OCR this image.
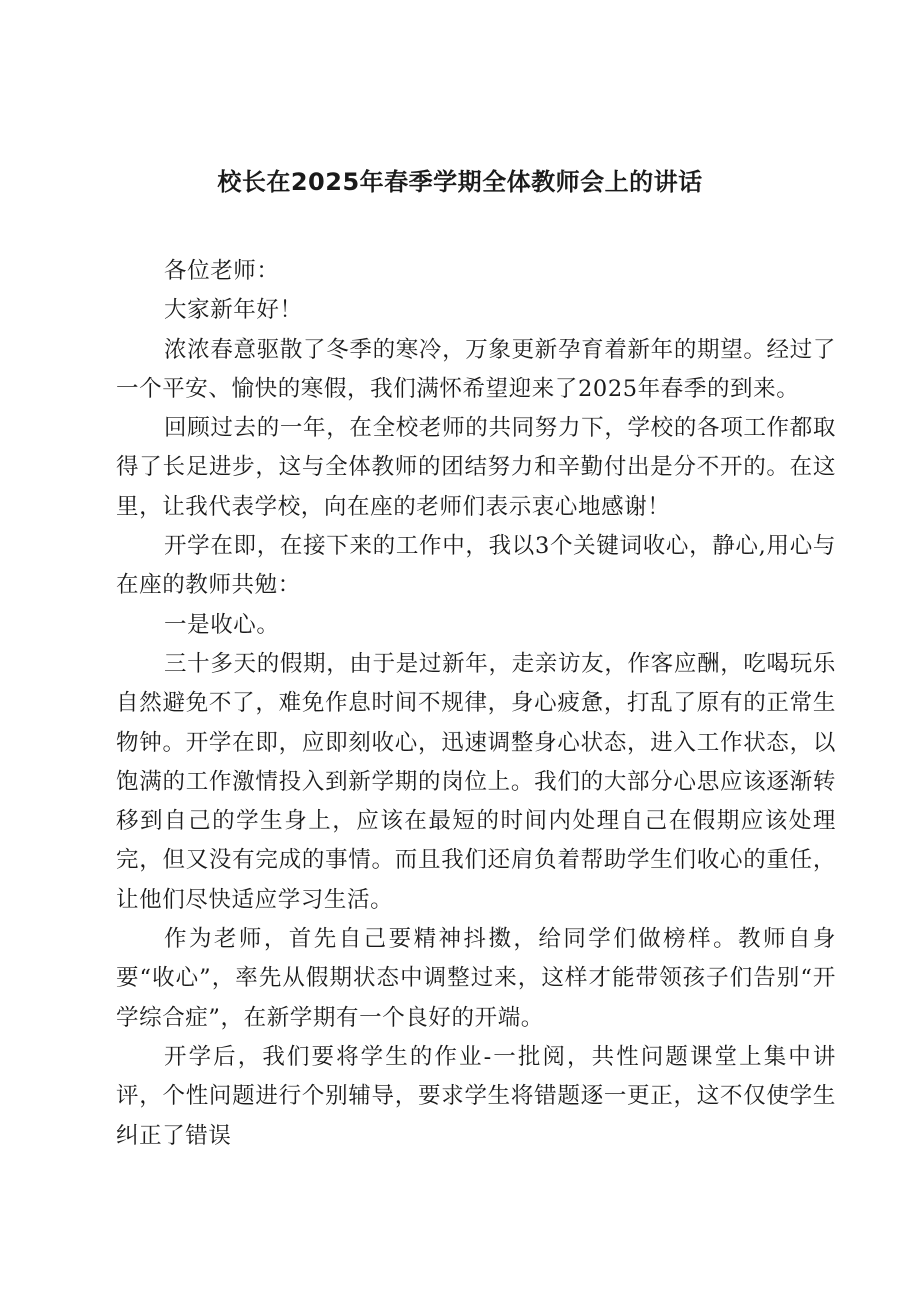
校长在2025年春季学期全体教师会上的讲话

各位老师：

大家新年好！

浓浓春意驱散了冬季的寒冷，万象更新孕育着新年的期望。经过了一个平安、愉快的寒假，我们满怀希望迎来了2025年春季的到来。

回顾过去的一年，在全校老师的共同努力下，学校的各项工作都取得了长足进步，这与全体教师的团结努力和辛勤付出是分不开的。在这里，让我代表学校，向在座的老师们表示衷心地感谢！

开学在即，在接下来的工作中，我以3个关键词收心，静心,用心与在座的教师共勉：

一是收心。

三十多天的假期，由于是过新年，走亲访友，作客应酬，吃喝玩乐自然避免不了，难免作息时间不规律，身心疲惫，打乱了原有的正常生物钟。开学在即，应即刻收心，迅速调整身心状态，进入工作状态，以饱满的工作激情投入到新学期的岗位上。我们的大部分心思应该逐渐转移到自己的学生身上，应该在最短的时间内处理自己在假期应该处理完，但又没有完成的事情。而且我们还肩负着帮助学生们收心的重任，让他们尽快适应学习生活。

作为老师，首先自己要精神抖擞，给同学们做榜样。教师自身要“收心”，率先从假期状态中调整过来，这样才能带领孩子们告别“开学综合症”，在新学期有一个良好的开端。

开学后，我们要将学生的作业-一批阅，共性问题课堂上集中讲评，个性问题进行个别辅导，要求学生将错题逐一更正，这不仅使学生纠正了错误
